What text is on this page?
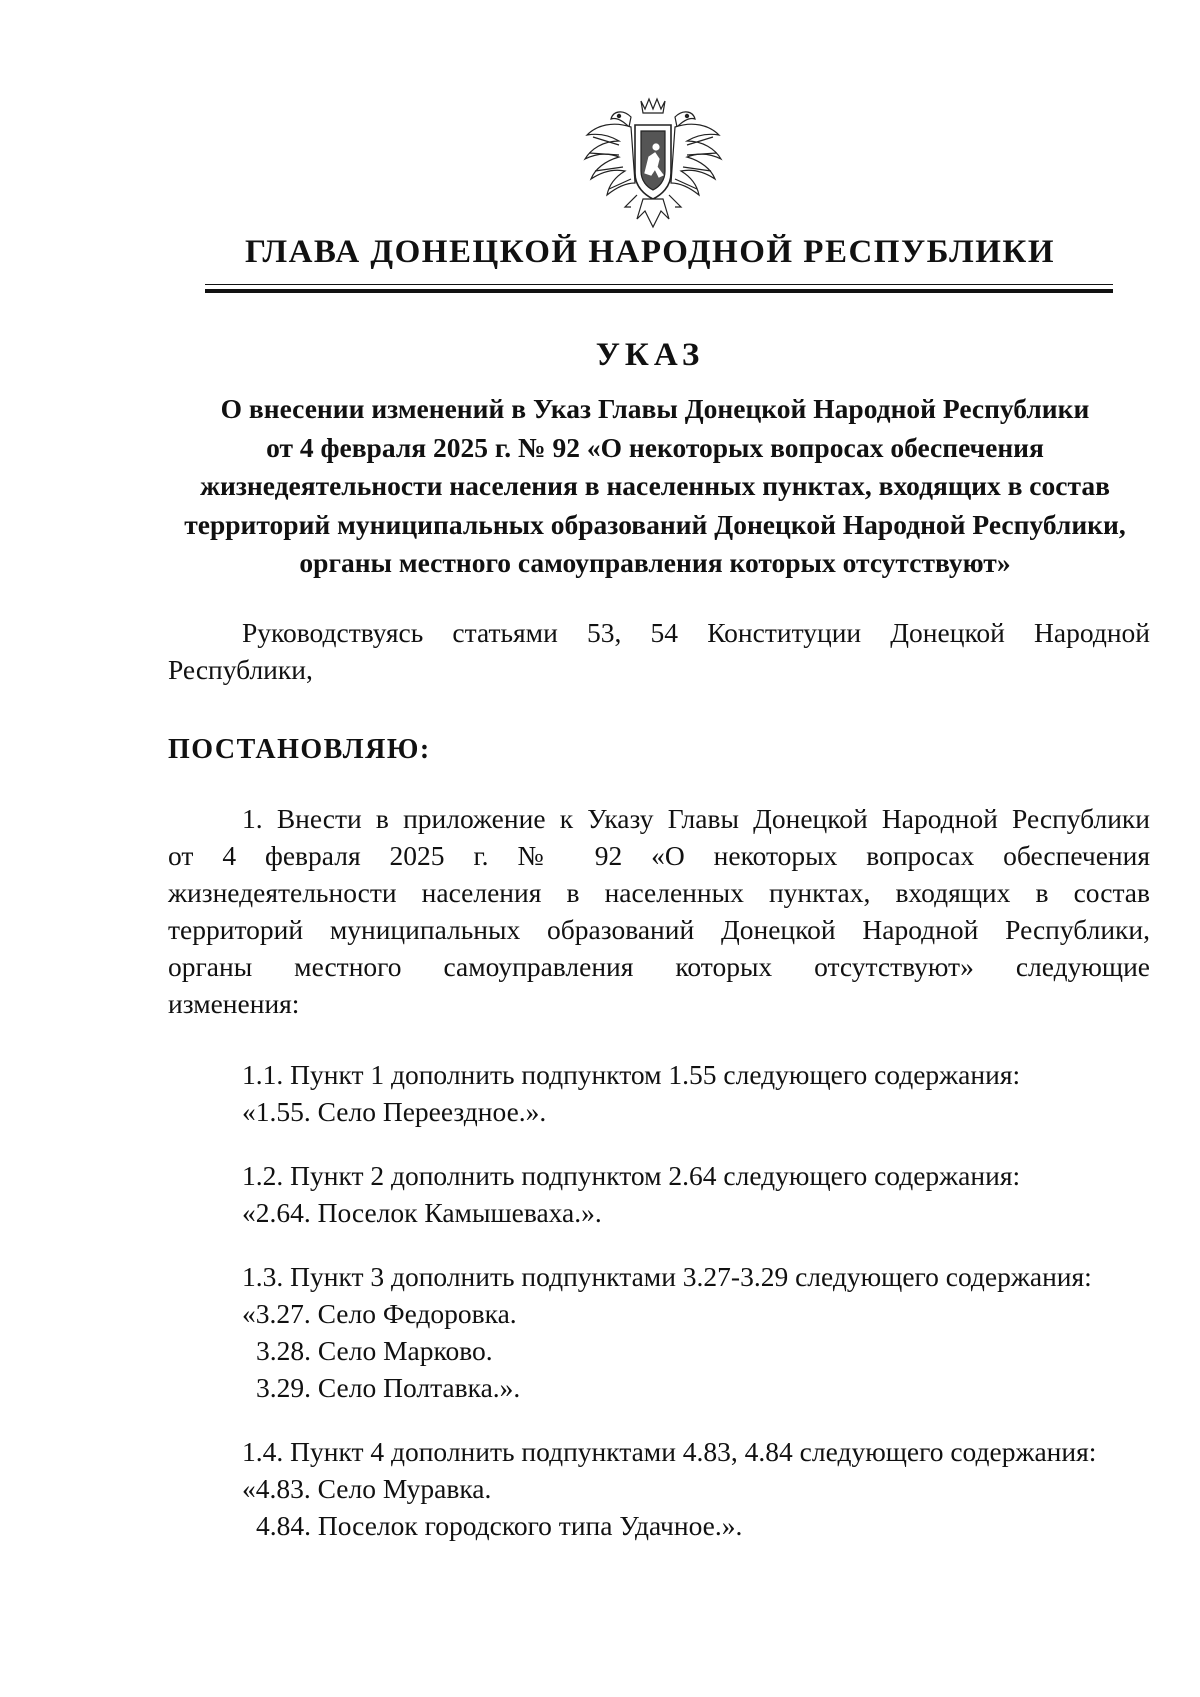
ГЛАВА ДОНЕЦКОЙ НАРОДНОЙ РЕСПУБЛИКИ
УКАЗ
О внесении изменений в Указ Главы Донецкой Народной Республики
от 4 февраля 2025 г. № 92 «О некоторых вопросах обеспечения
жизнедеятельности населения в населенных пунктах, входящих в состав
территорий муниципальных образований Донецкой Народной Республики,
органы местного самоуправления которых отсутствуют»
Руководствуясь статьями 53, 54 Конституции Донецкой Народной
Республики,
ПОСТАНОВЛЯЮ:
1. Внести в приложение к Указу Главы Донецкой Народной Республики
от 4 февраля 2025 г. № 92 «О некоторых вопросах обеспечения
жизнедеятельности населения в населенных пунктах, входящих в состав
территорий муниципальных образований Донецкой Народной Республики,
органы местного самоуправления которых отсутствуют» следующие
изменения:
1.1. Пункт 1 дополнить подпунктом 1.55 следующего содержания:
«1.55. Село Переездное.».
1.2. Пункт 2 дополнить подпунктом 2.64 следующего содержания:
«2.64. Поселок Камышеваха.».
1.3. Пункт 3 дополнить подпунктами 3.27-3.29 следующего содержания:
«3.27. Село Федоровка.
3.28. Село Марково.
3.29. Село Полтавка.».
1.4. Пункт 4 дополнить подпунктами 4.83, 4.84 следующего содержания:
«4.83. Село Муравка.
4.84. Поселок городского типа Удачное.».
